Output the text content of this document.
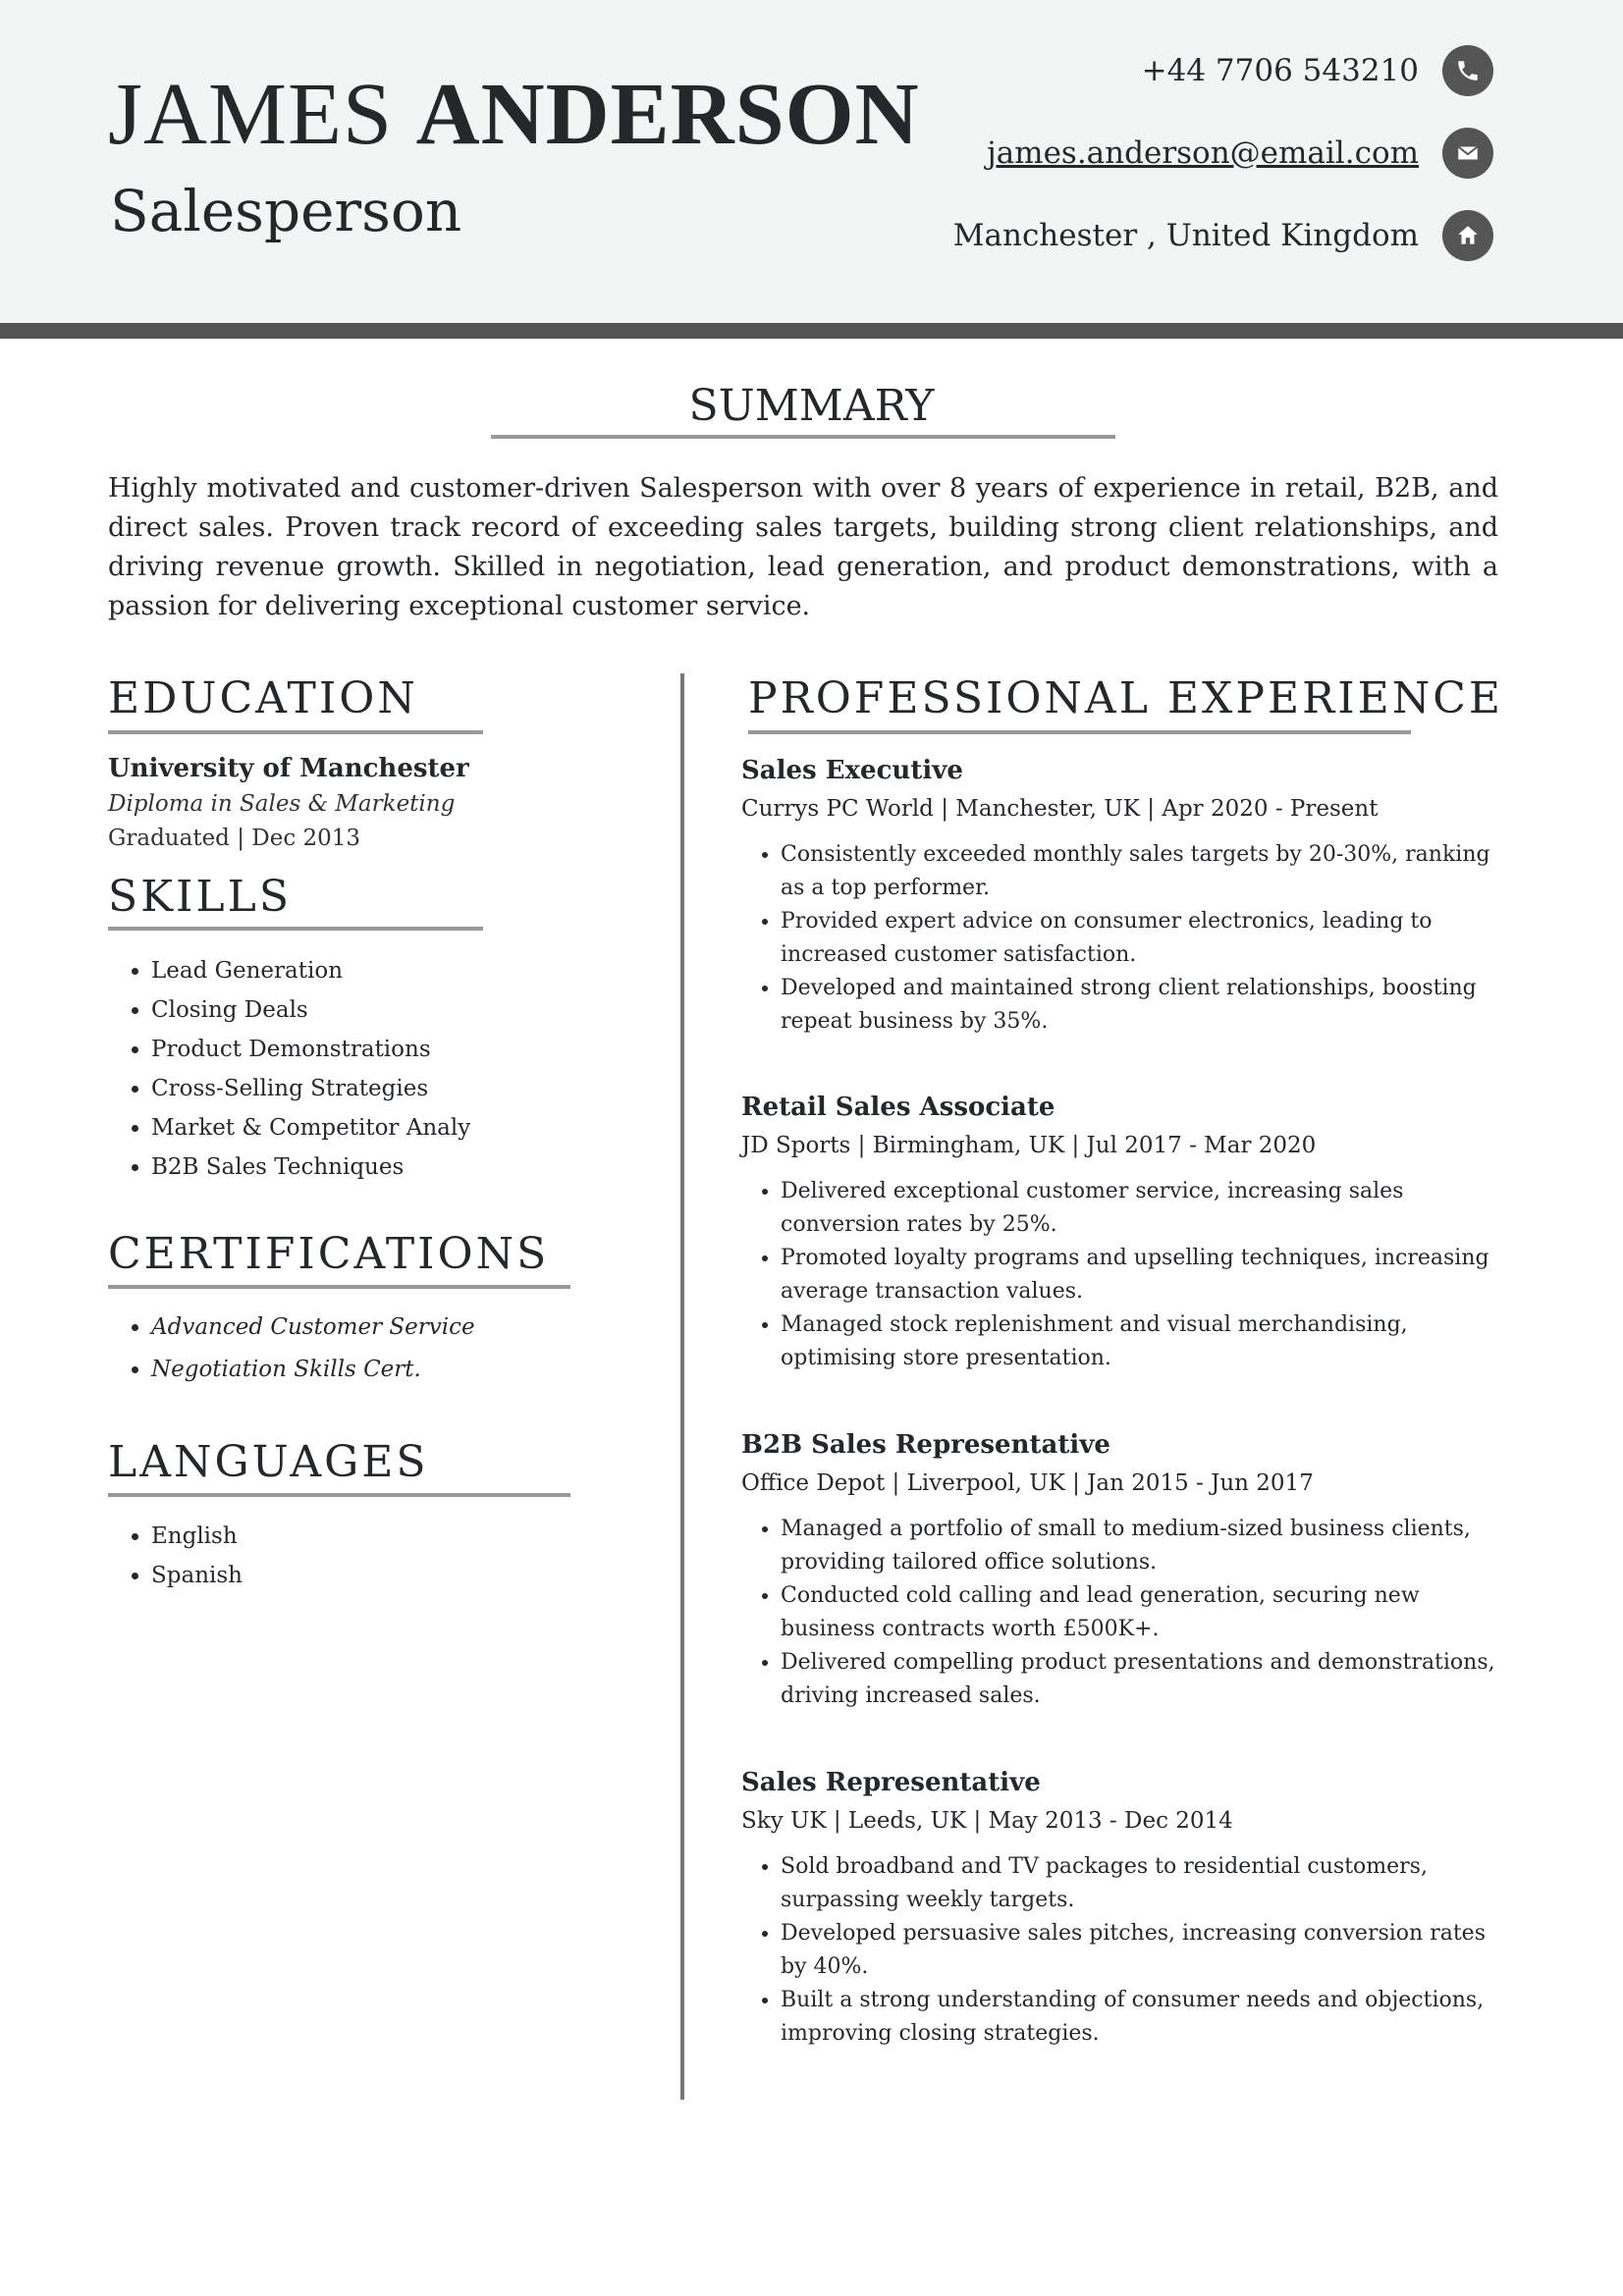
JAMES ANDERSON
Salesperson
+44 7706 543210
james.anderson@email.com
Manchester , United Kingdom
SUMMARY

Highly motivated and customer-driven Salesperson with over 8 years of experience in retail, B2B, and direct sales. Proven track record of exceeding sales targets, building strong client relationships, and driving revenue growth. Skilled in negotiation, lead generation, and product demonstrations, with a passion for delivering exceptional customer service.

EDUCATION

University of Manchester

Diploma in Sales & Marketing

Graduated | Dec 2013

SKILLS
• Lead Generation
• Closing Deals
• Product Demonstrations
• Cross-Selling Strategies
• Market & Competitor Analy
• B2B Sales Techniques
CERTIFICATIONS
• Advanced Customer Service
• Negotiation Skills Cert.
LANGUAGES
• English
• Spanish
PROFESSIONAL EXPERIENCE

Sales Executive

Currys PC World | Manchester, UK | Apr 2020 - Present

• Consistently exceeded monthly sales targets by 20-30%, ranking as a top performer.
• Provided expert advice on consumer electronics, leading to increased customer satisfaction.
• Developed and maintained strong client relationships, boosting repeat business by 35%.

Retail Sales Associate

JD Sports | Birmingham, UK | Jul 2017 - Mar 2020

• Delivered exceptional customer service, increasing sales conversion rates by 25%.
• Promoted loyalty programs and upselling techniques, increasing average transaction values.
• Managed stock replenishment and visual merchandising, optimising store presentation.

B2B Sales Representative

Office Depot | Liverpool, UK | Jan 2015 - Jun 2017

• Managed a portfolio of small to medium-sized business clients, providing tailored office solutions.
• Conducted cold calling and lead generation, securing new business contracts worth £500K+.
• Delivered compelling product presentations and demonstrations, driving increased sales.

Sales Representative

Sky UK | Leeds, UK | May 2013 - Dec 2014

• Sold broadband and TV packages to residential customers, surpassing weekly targets.
• Developed persuasive sales pitches, increasing conversion rates by 40%.
• Built a strong understanding of consumer needs and objections, improving closing strategies.
